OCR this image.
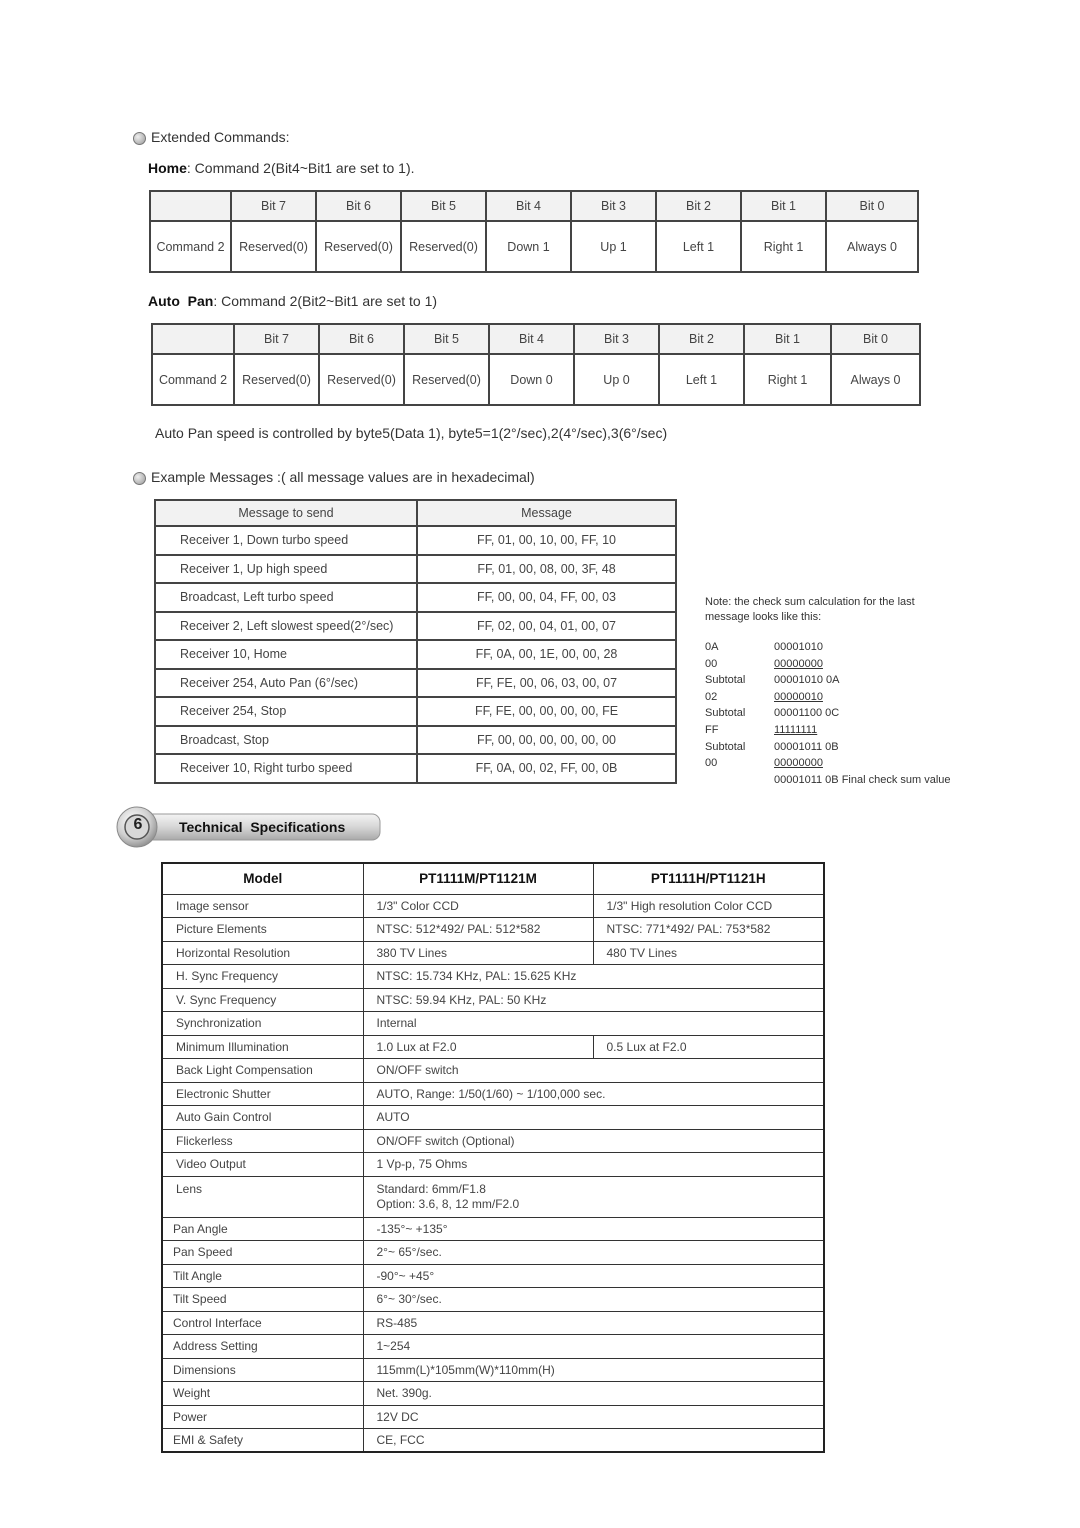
Extended Commands:
Home: Command 2(Bit4~Bit1 are set to 1).
	Bit 7	Bit 6	Bit 5	Bit 4	Bit 3	Bit 2	Bit 1	Bit 0
Command 2	Reserved(0)	Reserved(0)	Reserved(0)	Down 1	Up 1	Left 1	Right 1	Always 0
Auto  Pan: Command 2(Bit2~Bit1 are set to 1)
	Bit 7	Bit 6	Bit 5	Bit 4	Bit 3	Bit 2	Bit 1	Bit 0
Command 2	Reserved(0)	Reserved(0)	Reserved(0)	Down 0	Up 0	Left 1	Right 1	Always 0
Auto Pan speed is controlled by byte5(Data 1), byte5=1(2°/sec),2(4°/sec),3(6°/sec)
Example Messages :( all message values are in hexadecimal)
Message to send	Message
Receiver 1, Down turbo speed	FF, 01, 00, 10, 00, FF, 10
Receiver 1, Up high speed	FF, 01, 00, 08, 00, 3F, 48
Broadcast, Left turbo speed	FF, 00, 00, 04, FF, 00, 03
Receiver 2, Left slowest speed(2°/sec)	FF, 02, 00, 04, 01, 00, 07
Receiver 10, Home	FF, 0A, 00, 1E, 00, 00, 28
Receiver 254, Auto Pan (6°/sec)	FF, FE, 00, 06, 03, 00, 07
Receiver 254, Stop	FF, FE, 00, 00, 00, 00, FE
Broadcast, Stop	FF, 00, 00, 00, 00, 00, 00
Receiver 10, Right turbo speed	FF, 0A, 00, 02, FF, 00, 0B
Note: the check sum calculation for the last
message looks like this:
0A	00001010
00	00000000
Subtotal	00001010 0A
02	00000010
Subtotal	00001100 0C
FF	11111111
Subtotal	00001011 0B
00	00000000
00001011 0B Final check sum value
6	Technical  Specifications
Model	PT1111M/PT1121M	PT1111H/PT1121H
Image sensor	1/3" Color CCD	1/3" High resolution Color CCD
Picture Elements	NTSC: 512*492/ PAL: 512*582	NTSC: 771*492/ PAL: 753*582
Horizontal Resolution	380 TV Lines	480 TV Lines
H. Sync Frequency	NTSC: 15.734 KHz, PAL: 15.625 KHz	
V. Sync Frequency	NTSC: 59.94 KHz, PAL: 50 KHz	
Synchronization	Internal	
Minimum Illumination	1.0 Lux at F2.0	0.5 Lux at F2.0
Back Light Compensation	ON/OFF switch	
Electronic Shutter	AUTO, Range: 1/50(1/60) ~ 1/100,000 sec.	
Auto Gain Control	AUTO	
Flickerless	ON/OFF switch (Optional)	
Video Output	1 Vp-p, 75 Ohms	
Lens	Standard: 6mm/F1.8
Option: 3.6, 8, 12 mm/F2.0	

Pan Angle	-135°~ +135°	
Pan Speed	2°~ 65°/sec.	
Tilt Angle	-90°~ +45°	
Tilt Speed	6°~ 30°/sec.	
Control Interface	RS-485	
Address Setting	1~254	
Dimensions	115mm(L)*105mm(W)*110mm(H)	
Weight	Net. 390g.	
Power	12V DC	
EMI & Safety	CE, FCC	
